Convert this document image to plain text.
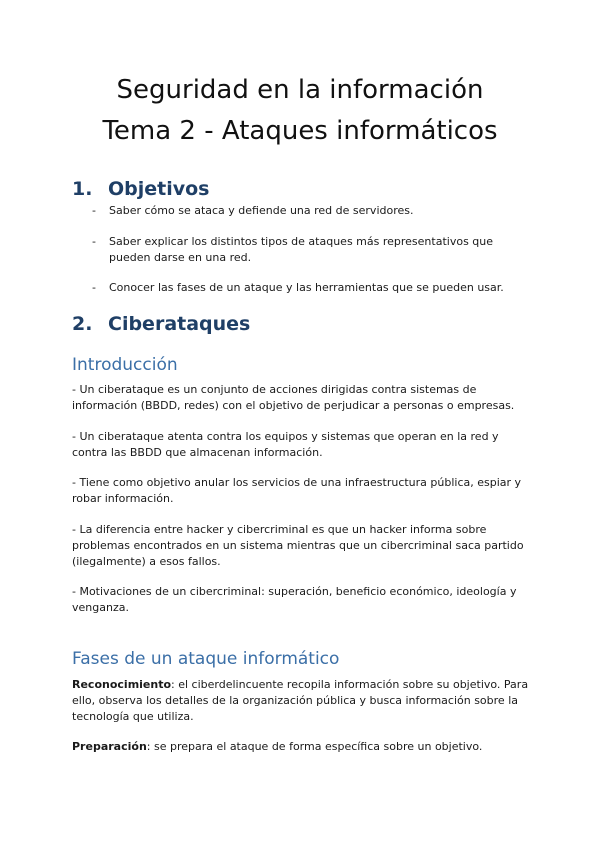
Seguridad en la información
Tema 2 - Ataques informáticos
1. Objetivos

- Saber cómo se ataca y defiende una red de servidores.

- Saber explicar los distintos tipos de ataques más representativos que pueden darse en una red.

- Conocer las fases de un ataque y las herramientas que se pueden usar.

2. Ciberataques
Introducción

- Un ciberataque es un conjunto de acciones dirigidas contra sistemas de información (BBDD, redes) con el objetivo de perjudicar a personas o empresas.

- Un ciberataque atenta contra los equipos y sistemas que operan en la red y contra las BBDD que almacenan información.

- Tiene como objetivo anular los servicios de una infraestructura pública, espiar y robar información.

- La diferencia entre hacker y cibercriminal es que un hacker informa sobre problemas encontrados en un sistema mientras que un cibercriminal saca partido (ilegalmente) a esos fallos.

- Motivaciones de un cibercriminal: superación, beneficio económico, ideología y venganza.

Fases de un ataque informático

Reconocimiento: el ciberdelincuente recopila información sobre su objetivo. Para ello, observa los detalles de la organización pública y busca información sobre la tecnología que utiliza.

Preparación: se prepara el ataque de forma específica sobre un objetivo.
